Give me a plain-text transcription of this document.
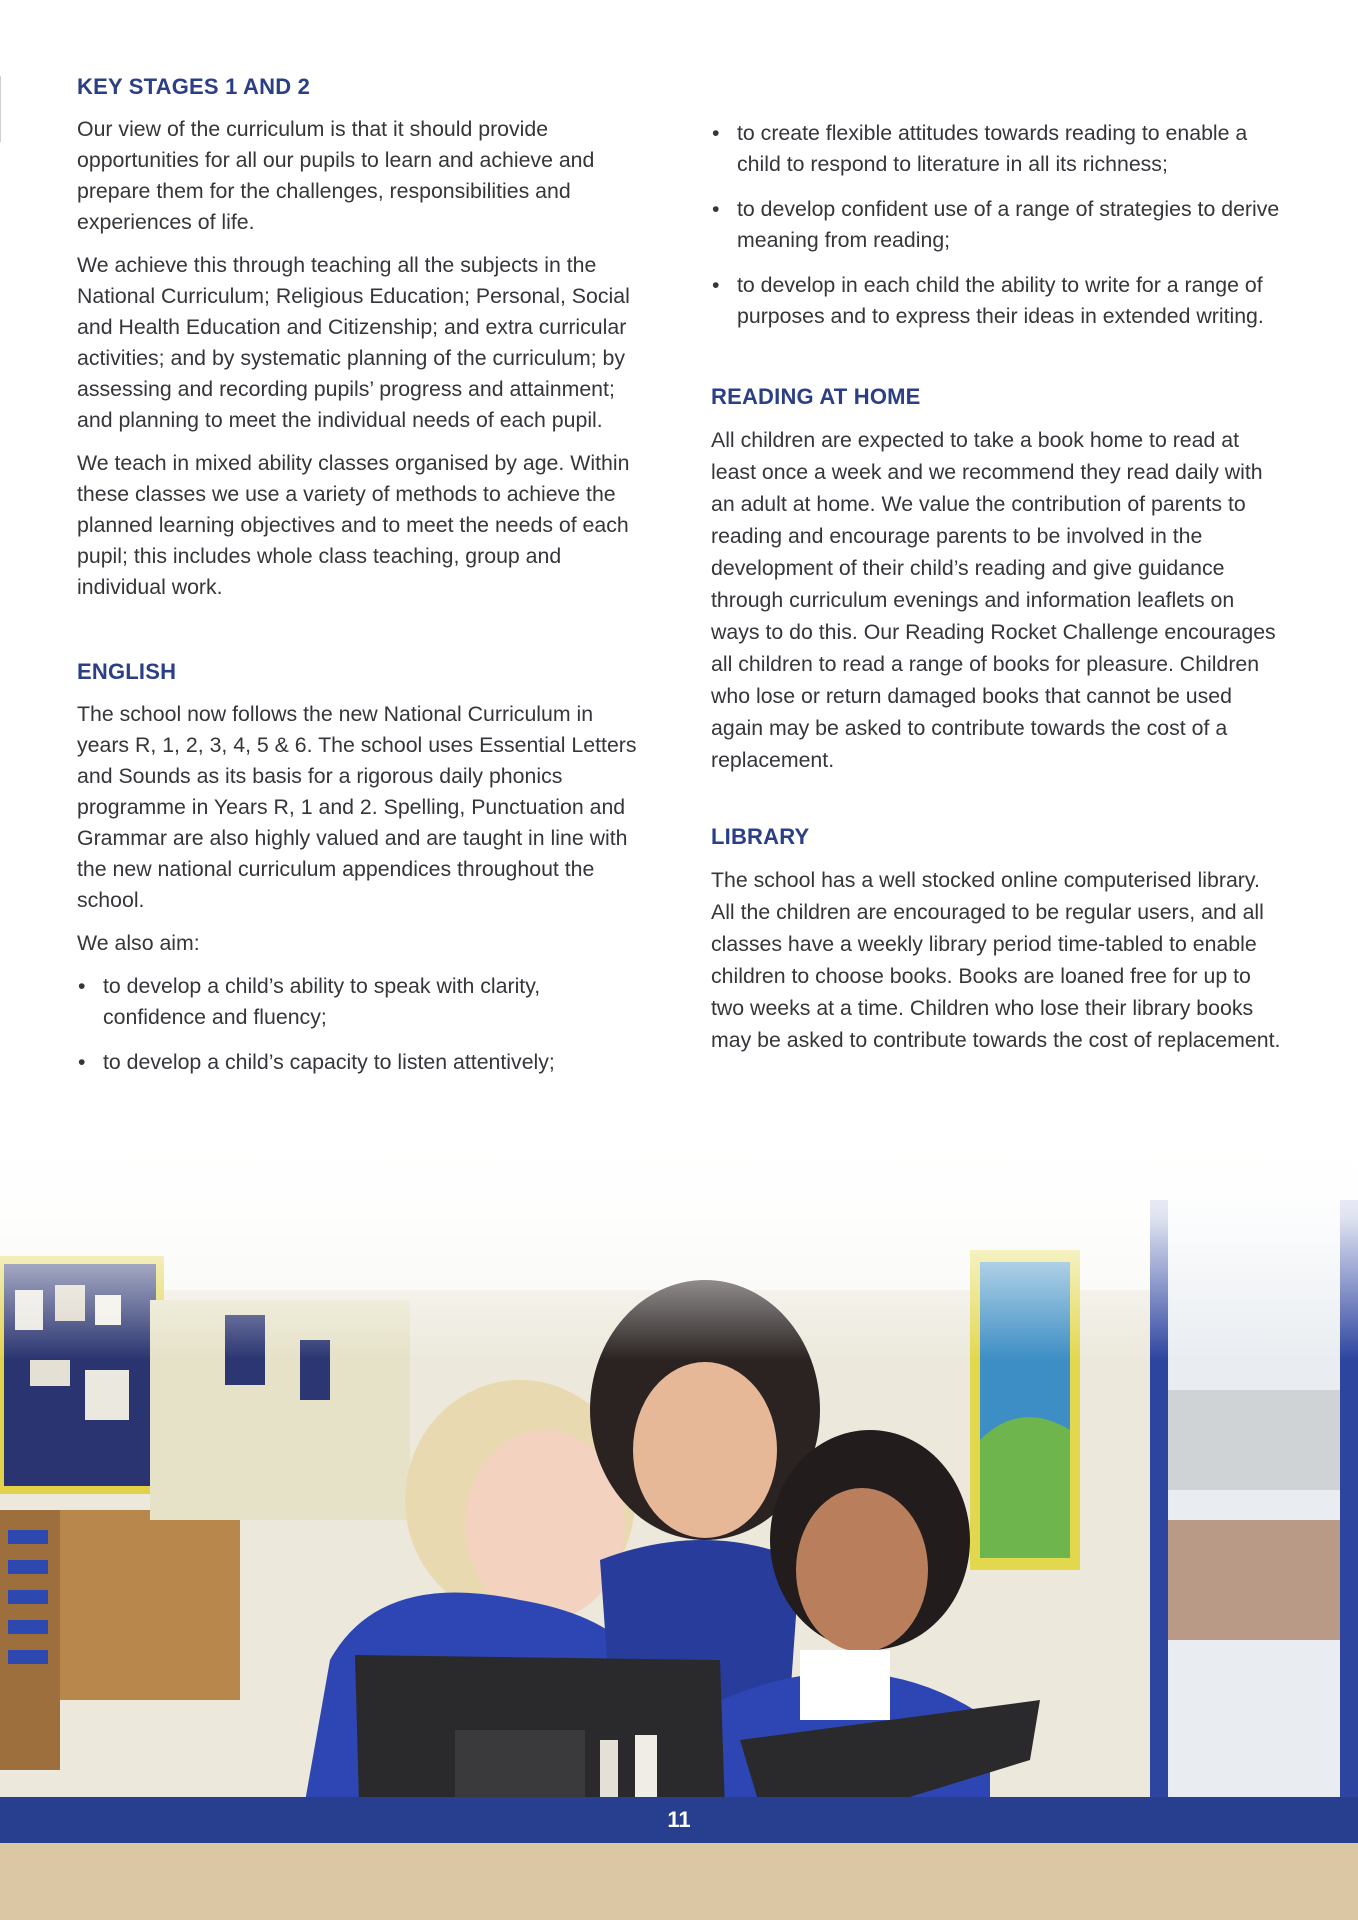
KEY STAGES 1 AND 2

Our view of the curriculum is that it should provide opportunities for all our pupils to learn and achieve and prepare them for the challenges, responsibilities and experiences of life.

We achieve this through teaching all the subjects in the National Curriculum; Religious Education; Personal, Social and Health Education and Citizenship; and extra curricular activities; and by systematic planning of the curriculum; by assessing and recording pupils’ progress and attainment; and planning to meet the individual needs of each pupil.

We teach in mixed ability classes organised by age. Within these classes we use a variety of methods to achieve the planned learning objectives and to meet the needs of each pupil; this includes whole class teaching, group and individual work.

ENGLISH

The school now follows the new National Curriculum in years R, 1, 2, 3, 4, 5 & 6. The school uses Essential Letters and Sounds as its basis for a rigorous daily phonics programme in Years R, 1 and 2. Spelling, Punctuation and Grammar are also highly valued and are taught in line with the new national curriculum appendices throughout the school.

We also aim:

• to develop a child’s ability to speak with clarity, confidence and fluency;
• to develop a child’s capacity to listen attentively;
• to create flexible attitudes towards reading to enable a child to respond to literature in all its richness;
• to develop confident use of a range of strategies to derive meaning from reading;
• to develop in each child the ability to write for a range of purposes and to express their ideas in extended writing.
READING AT HOME

All children are expected to take a book home to read at least once a week and we recommend they read daily with an adult at home. We value the contribution of parents to reading and encourage parents to be involved in the development of their child’s reading and give guidance through curriculum evenings and information leaflets on ways to do this. Our Reading Rocket Challenge encourages all children to read a range of books for pleasure. Children who lose or return damaged books that cannot be used again may be asked to contribute towards the cost of a replacement.

LIBRARY

The school has a well stocked online computerised library. All the children are encouraged to be regular users, and all classes have a weekly library period time-tabled to enable children to choose books. Books are loaned free for up to two weeks at a time. Children who lose their library books may be asked to contribute towards the cost of replacement.

11
